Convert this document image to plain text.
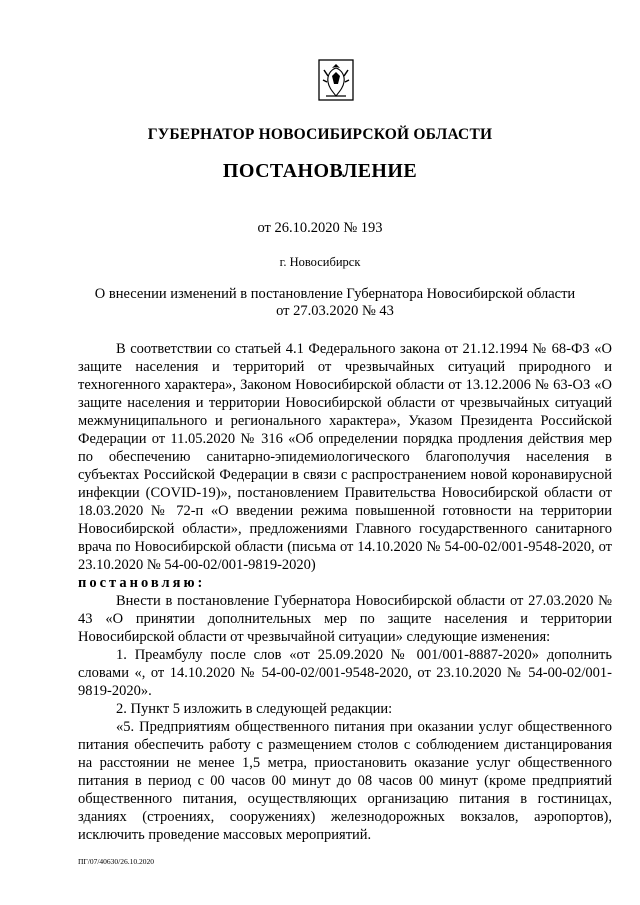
ГУБЕРНАТОР НОВОСИБИРСКОЙ ОБЛАСТИ
ПОСТАНОВЛЕНИЕ
от 26.10.2020 № 193
г. Новосибирск
О внесении изменений в постановление Губернатора Новосибирской области
от 27.03.2020 № 43

В соответствии со статьей 4.1 Федерального закона от 21.12.1994 № 68-ФЗ «О защите населения и территорий от чрезвычайных ситуаций природного и техногенного характера», Законом Новосибирской области от 13.12.2006 № 63-ОЗ «О защите населения и территории Новосибирской области от чрезвычайных ситуаций межмуниципального и регионального характера», Указом Президента Российской Федерации от 11.05.2020 № 316 «Об определении порядка продления действия мер по обеспечению санитарно-эпидемиологического благополучия населения в субъектах Российской Федерации в связи с распространением новой коронавирусной инфекции (COVID-19)», постановлением Правительства Новосибирской области от 18.03.2020 № 72-п «О введении режима повышенной готовности на территории Новосибирской области», предложениями Главного государственного санитарного врача по Новосибирской области (письма от 14.10.2020 № 54-00-02/001-9548-2020, от 23.10.2020 № 54-00-02/001-9819-2020)

постановляю:

Внести в постановление Губернатора Новосибирской области от 27.03.2020 № 43 «О принятии дополнительных мер по защите населения и территории Новосибирской области от чрезвычайной ситуации» следующие изменения:

1. Преамбулу после слов «от 25.09.2020 № 001/001-8887-2020» дополнить словами «, от 14.10.2020 № 54-00-02/001-9548-2020, от 23.10.2020 № 54-00-02/001-9819-2020».

2. Пункт 5 изложить в следующей редакции:

«5. Предприятиям общественного питания при оказании услуг общественного питания обеспечить работу с размещением столов с соблюдением дистанцирования на расстоянии не менее 1,5 метра, приостановить оказание услуг общественного питания в период с 00 часов 00 минут до 08 часов 00 минут (кроме предприятий общественного питания, осуществляющих организацию питания в гостиницах, зданиях (строениях, сооружениях) железнодорожных вокзалов, аэропортов), исключить проведение массовых мероприятий.

ПГ/07/40630/26.10.2020
